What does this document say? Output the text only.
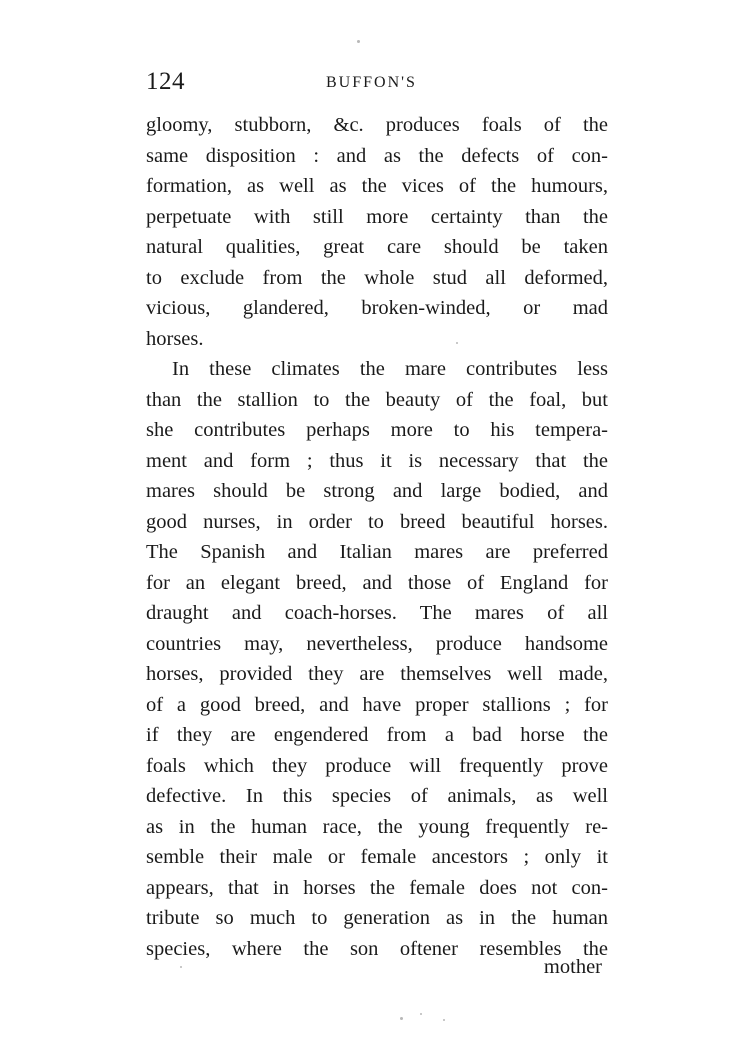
124	BUFFON'S
gloomy, stubborn, &c. produces foals of the
same disposition : and as the defects of con-
formation, as well as the vices of the humours,
perpetuate with still more certainty than the
natural qualities, great care should be taken
to exclude from the whole stud all deformed,
vicious, glandered, broken-winded, or mad
horses.
In these climates the mare contributes less
than the stallion to the beauty of the foal, but
she contributes perhaps more to his tempera-
ment and form ; thus it is necessary that the
mares should be strong and large bodied, and
good nurses, in order to breed beautiful horses.
The Spanish and Italian mares are preferred
for an elegant breed, and those of England for
draught and coach-horses. The mares of all
countries may, nevertheless, produce handsome
horses, provided they are themselves well made,
of a good breed, and have proper stallions ; for
if they are engendered from a bad horse the
foals which they produce will frequently prove
defective. In this species of animals, as well
as in the human race, the young frequently re-
semble their male or female ancestors ; only it
appears, that in horses the female does not con-
tribute so much to generation as in the human
species, where the son oftener resembles the
mother
